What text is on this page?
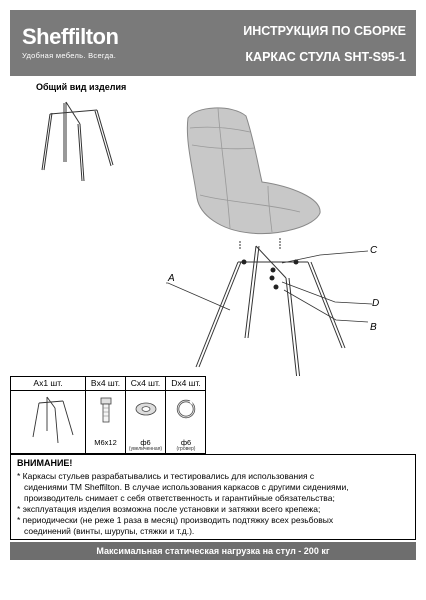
Sheffilton
Удобная мебель. Всегда.
ИНСТРУКЦИЯ ПО СБОРКЕ
КАРКАС СТУЛА SHT-S95-1
Общий вид изделия
A
C
D
B
Ax1 шт.	Bx4 шт.
M6x12
Cx4 шт.
ф6
(увеличенная)
Dx4 шт.
ф6
(гровер)
ВНИМАНИЕ!
* Каркасы стульев разрабатывались и тестировались для использования с
сидениями ТМ Sheffilton. В случае использования каркасов с другими сидениями,
производитель снимает с себя ответственность и гарантийные обязательства;
* эксплуатация изделия возможна после установки и затяжки всего крепежа;
* периодически (не реже 1 раза в месяц) производить подтяжку всех резьбовых
соединений (винты, шурупы, стяжки и т.д.).
Максимальная статическая нагрузка на стул - 200 кг
